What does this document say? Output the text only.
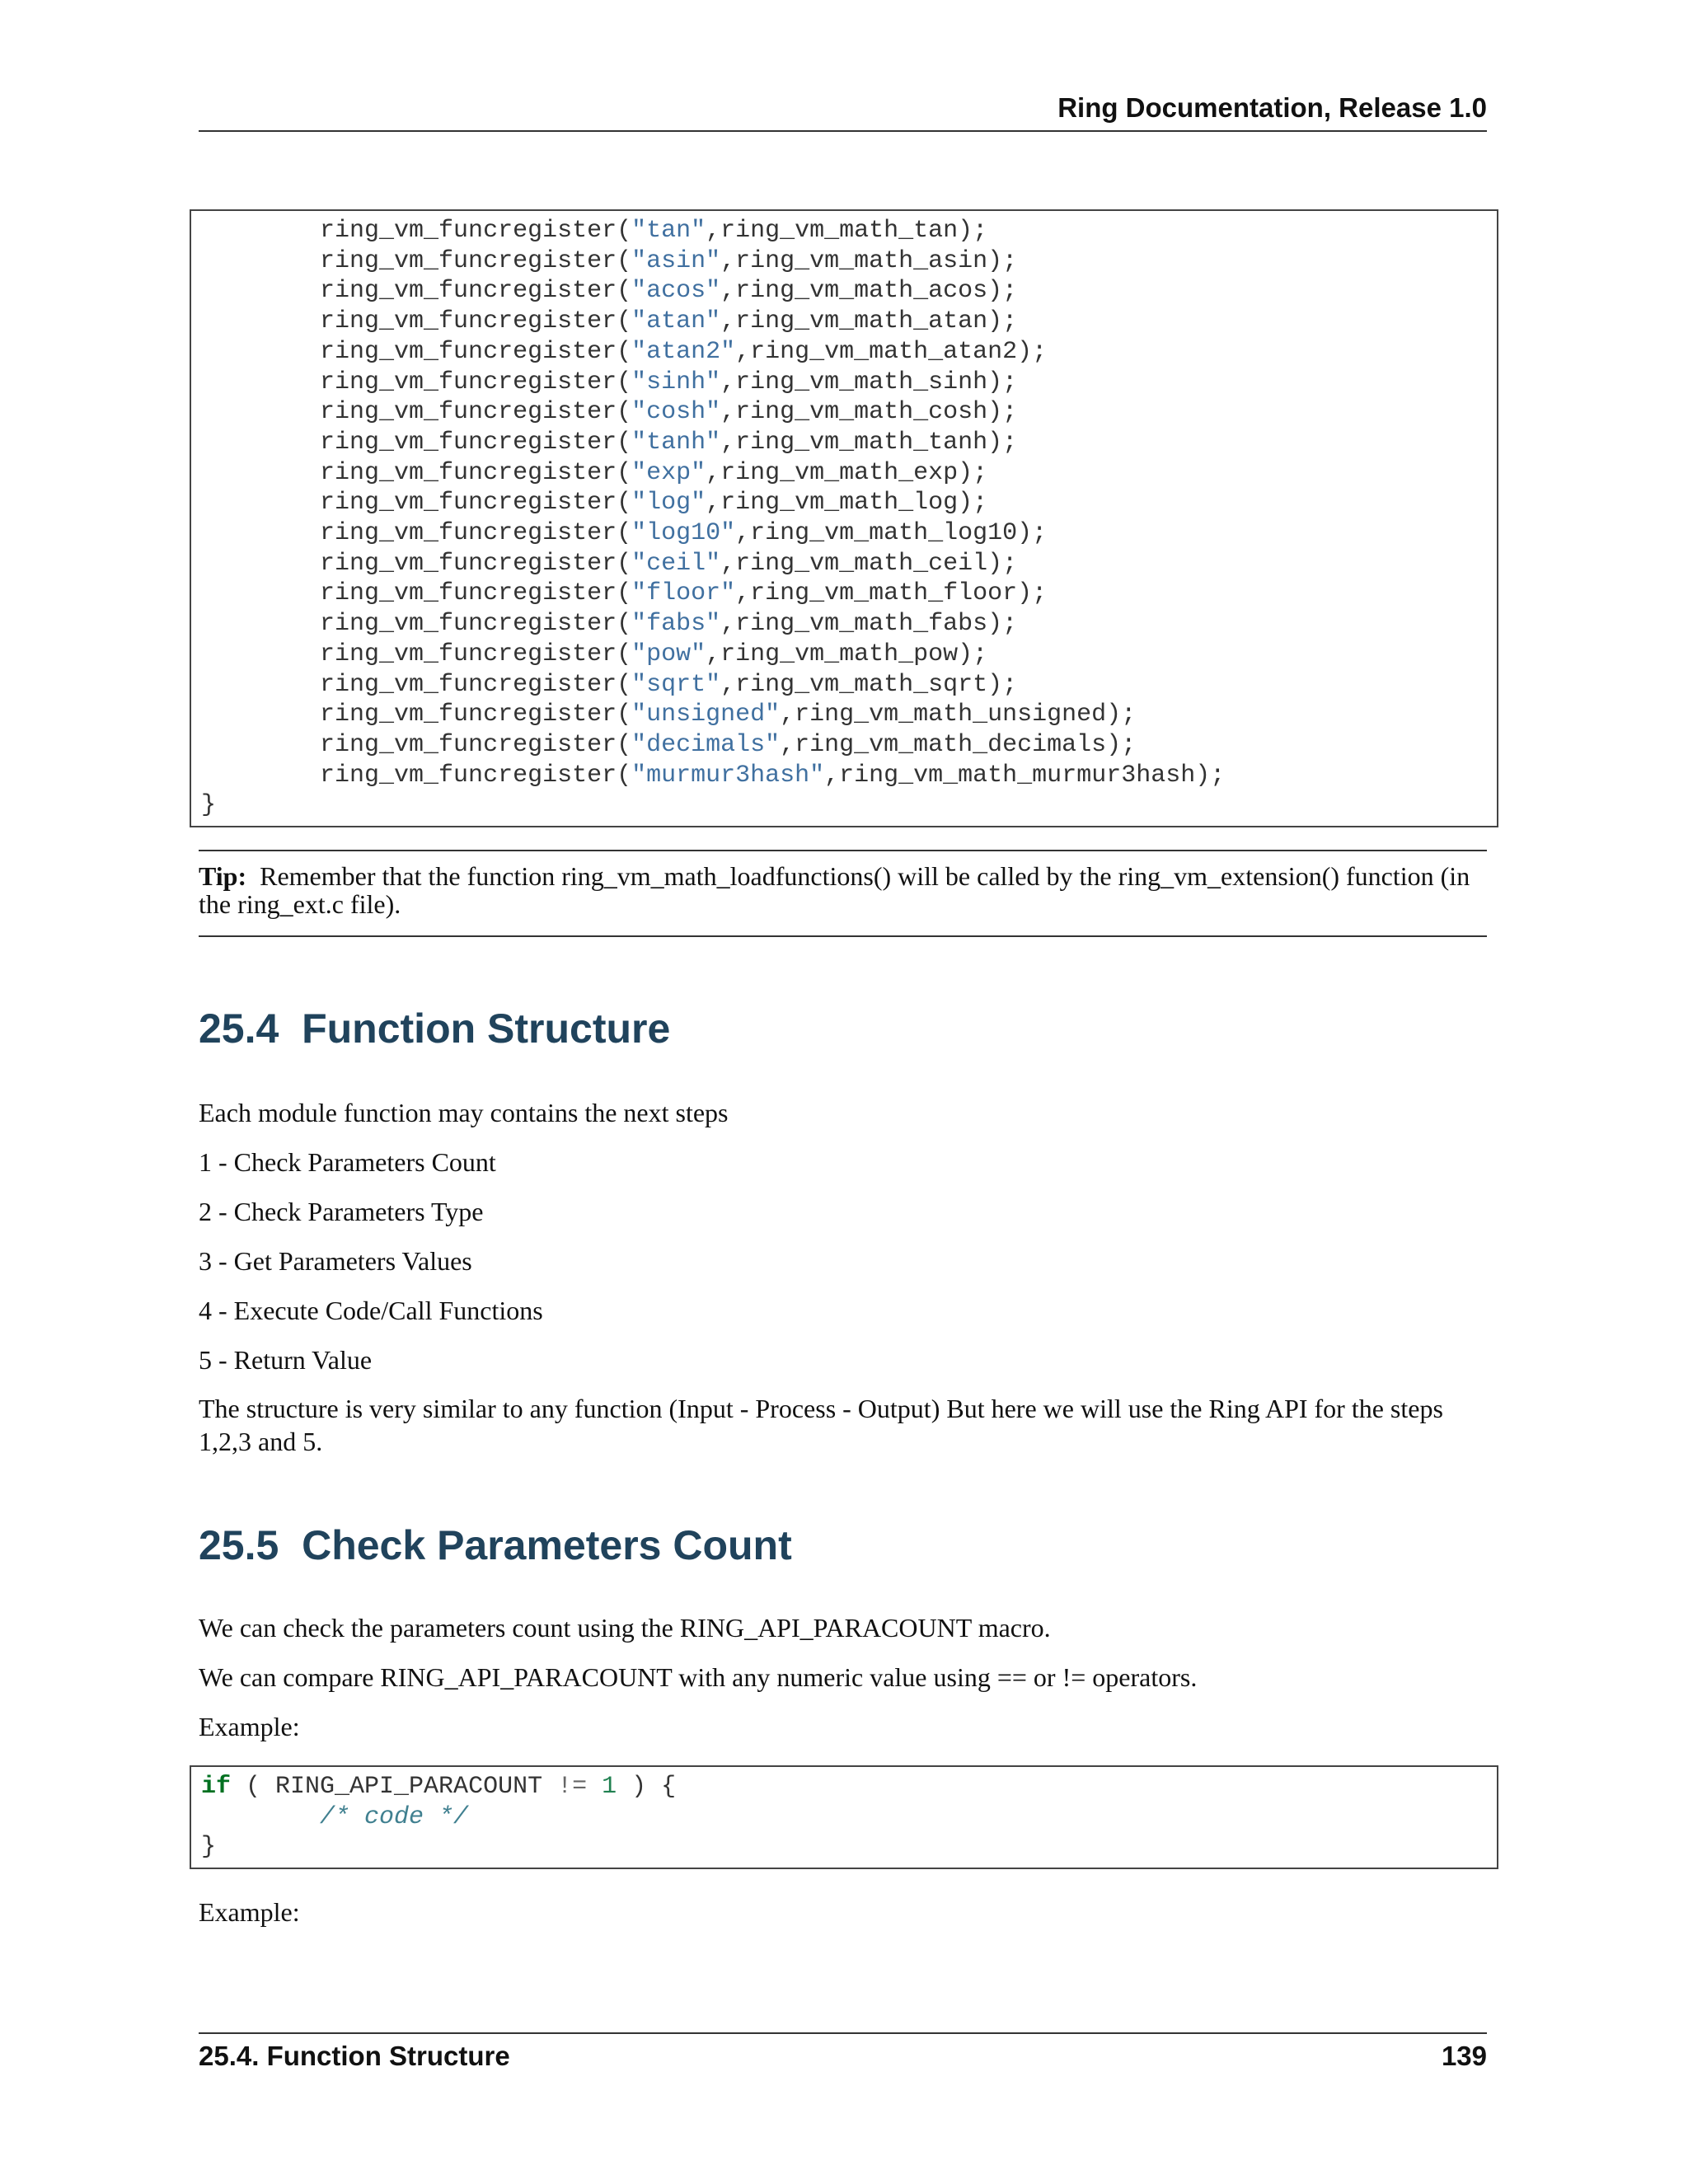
Ring Documentation, Release 1.0
ring_vm_funcregister("tan",ring_vm_math_tan);
ring_vm_funcregister("asin",ring_vm_math_asin);
ring_vm_funcregister("acos",ring_vm_math_acos);
ring_vm_funcregister("atan",ring_vm_math_atan);
ring_vm_funcregister("atan2",ring_vm_math_atan2);
ring_vm_funcregister("sinh",ring_vm_math_sinh);
ring_vm_funcregister("cosh",ring_vm_math_cosh);
ring_vm_funcregister("tanh",ring_vm_math_tanh);
ring_vm_funcregister("exp",ring_vm_math_exp);
ring_vm_funcregister("log",ring_vm_math_log);
ring_vm_funcregister("log10",ring_vm_math_log10);
ring_vm_funcregister("ceil",ring_vm_math_ceil);
ring_vm_funcregister("floor",ring_vm_math_floor);
ring_vm_funcregister("fabs",ring_vm_math_fabs);
ring_vm_funcregister("pow",ring_vm_math_pow);
ring_vm_funcregister("sqrt",ring_vm_math_sqrt);
ring_vm_funcregister("unsigned",ring_vm_math_unsigned);
ring_vm_funcregister("decimals",ring_vm_math_decimals);
ring_vm_funcregister("murmur3hash",ring_vm_math_murmur3hash);
}
Tip: Remember that the function ring_vm_math_loadfunctions() will be called by the ring_vm_extension() function (in the ring_ext.c file).
25.4  Function Structure
Each module function may contains the next steps
1 - Check Parameters Count
2 - Check Parameters Type
3 - Get Parameters Values
4 - Execute Code/Call Functions
5 - Return Value
The structure is very similar to any function (Input - Process - Output) But here we will use the Ring API for the steps 1,2,3 and 5.
25.5  Check Parameters Count
We can check the parameters count using the RING_API_PARACOUNT macro.
We can compare RING_API_PARACOUNT with any numeric value using == or != operators.
Example:
if ( RING_API_PARACOUNT != 1 ) {
/* code */
}
Example:
25.4. Function Structure	139
